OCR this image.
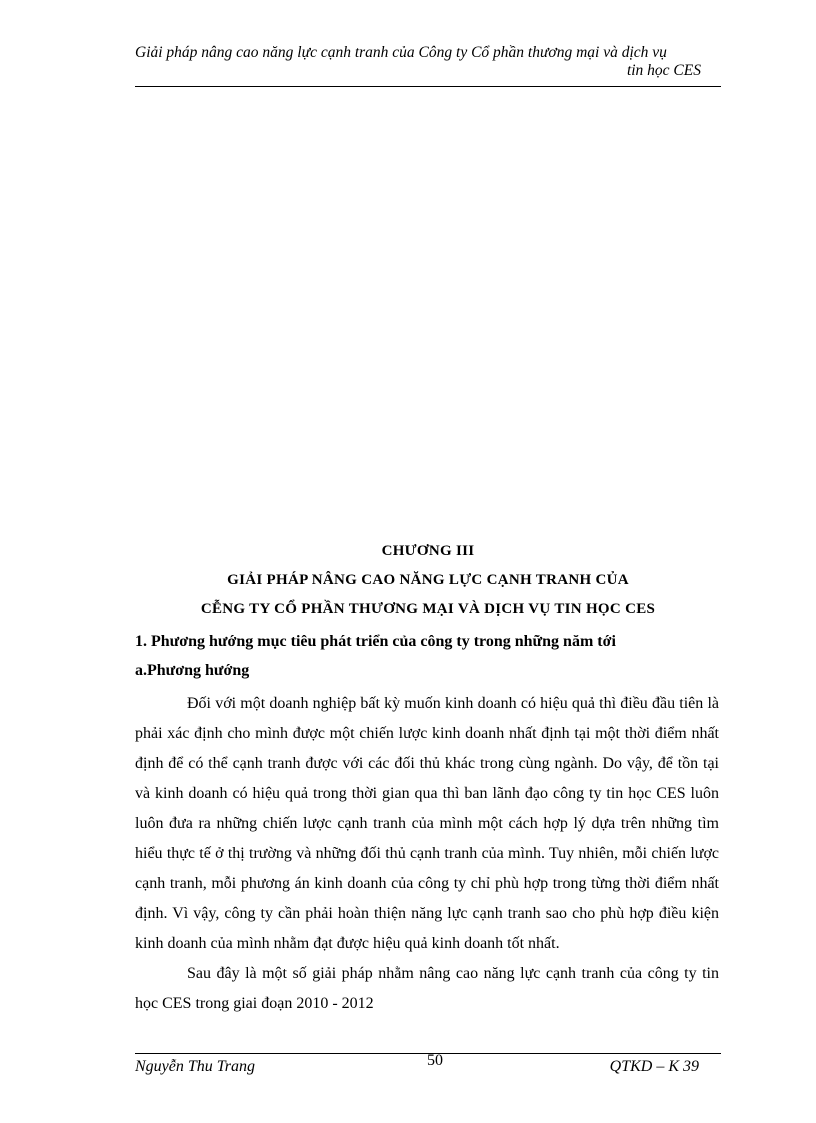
Giải pháp nâng cao năng lực cạnh tranh của Công ty Cổ phần thương mại và dịch vụ
tin học CES
CHƯƠNG III
GIẢI PHÁP NÂNG CAO NĂNG LỰC CẠNH TRANH CỦA
CỄNG TY CỔ PHẦN THƯƠNG MẠI VÀ DỊCH VỤ TIN HỌC CES
1. Phương hướng mục tiêu phát triển của công ty trong những năm tới
a.Phương hướng

Đối với một doanh nghiệp bất kỳ muốn kinh doanh có hiệu quả thì điều đầu tiên là phải xác định cho mình được một chiến lược kinh doanh nhất định tại một thời điểm nhất định để có thể cạnh tranh được với các đối thủ khác trong cùng ngành. Do vậy, để tồn tại và kinh doanh có hiệu quả trong thời gian qua thì ban lãnh đạo công ty tin học CES luôn luôn đưa ra những chiến lược cạnh tranh của mình một cách hợp lý dựa trên những tìm hiểu thực tế ở thị trường và những đối thủ cạnh tranh của mình. Tuy nhiên, mỗi chiến lược cạnh tranh, mỗi phương án kinh doanh của công ty chỉ phù hợp trong từng thời điểm nhất định. Vì vậy, công ty cần phải hoàn thiện năng lực cạnh tranh sao cho phù hợp điều kiện kinh doanh của mình nhằm đạt được hiệu quả kinh doanh tốt nhất.

Sau đây là một số giải pháp nhằm nâng cao năng lực cạnh tranh của công ty tin học CES trong giai đoạn 2010 - 2012

Nguyễn Thu Trang	50	QTKD – K 39
